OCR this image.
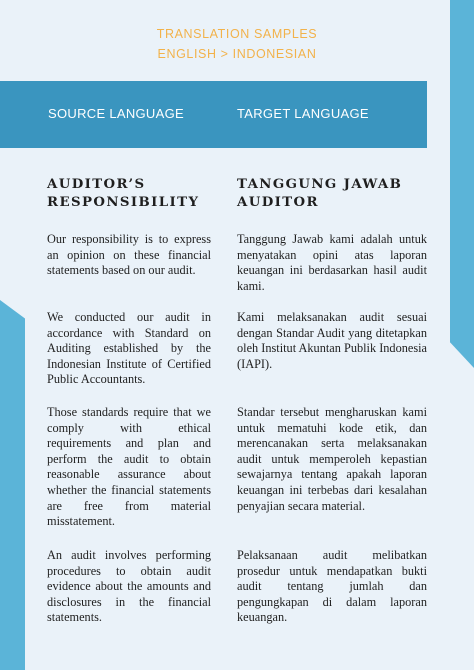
TRANSLATION SAMPLES
ENGLISH > INDONESIAN
SOURCE LANGUAGE	TARGET LANGUAGE
AUDITOR’S
RESPONSIBILITY

Our responsibility is to express an opinion on these financial statements based on our audit.

We conducted our audit in accordance with Standard on Auditing established by the Indonesian Institute of Certified Public Accountants.

Those standards require that we comply with ethical requirements and plan and perform the audit to obtain reasonable assurance about whether the financial statements are free from material misstatement.

An audit involves performing procedures to obtain audit evidence about the amounts and disclosures in the financial statements.

TANGGUNG JAWAB
AUDITOR

Tanggung Jawab kami adalah untuk menyatakan opini atas laporan keuangan ini berdasarkan hasil audit kami.

Kami melaksanakan audit sesuai dengan Standar Audit yang ditetapkan oleh Institut Akuntan Publik Indonesia (IAPI).

Standar tersebut mengharuskan kami untuk mematuhi kode etik, dan merencanakan serta melaksanakan audit untuk memperoleh kepastian sewajarnya tentang apakah laporan keuangan ini terbebas dari kesalahan penyajian secara material.

Pelaksanaan audit melibatkan prosedur untuk mendapatkan bukti audit tentang jumlah dan pengungkapan di dalam laporan keuangan.
